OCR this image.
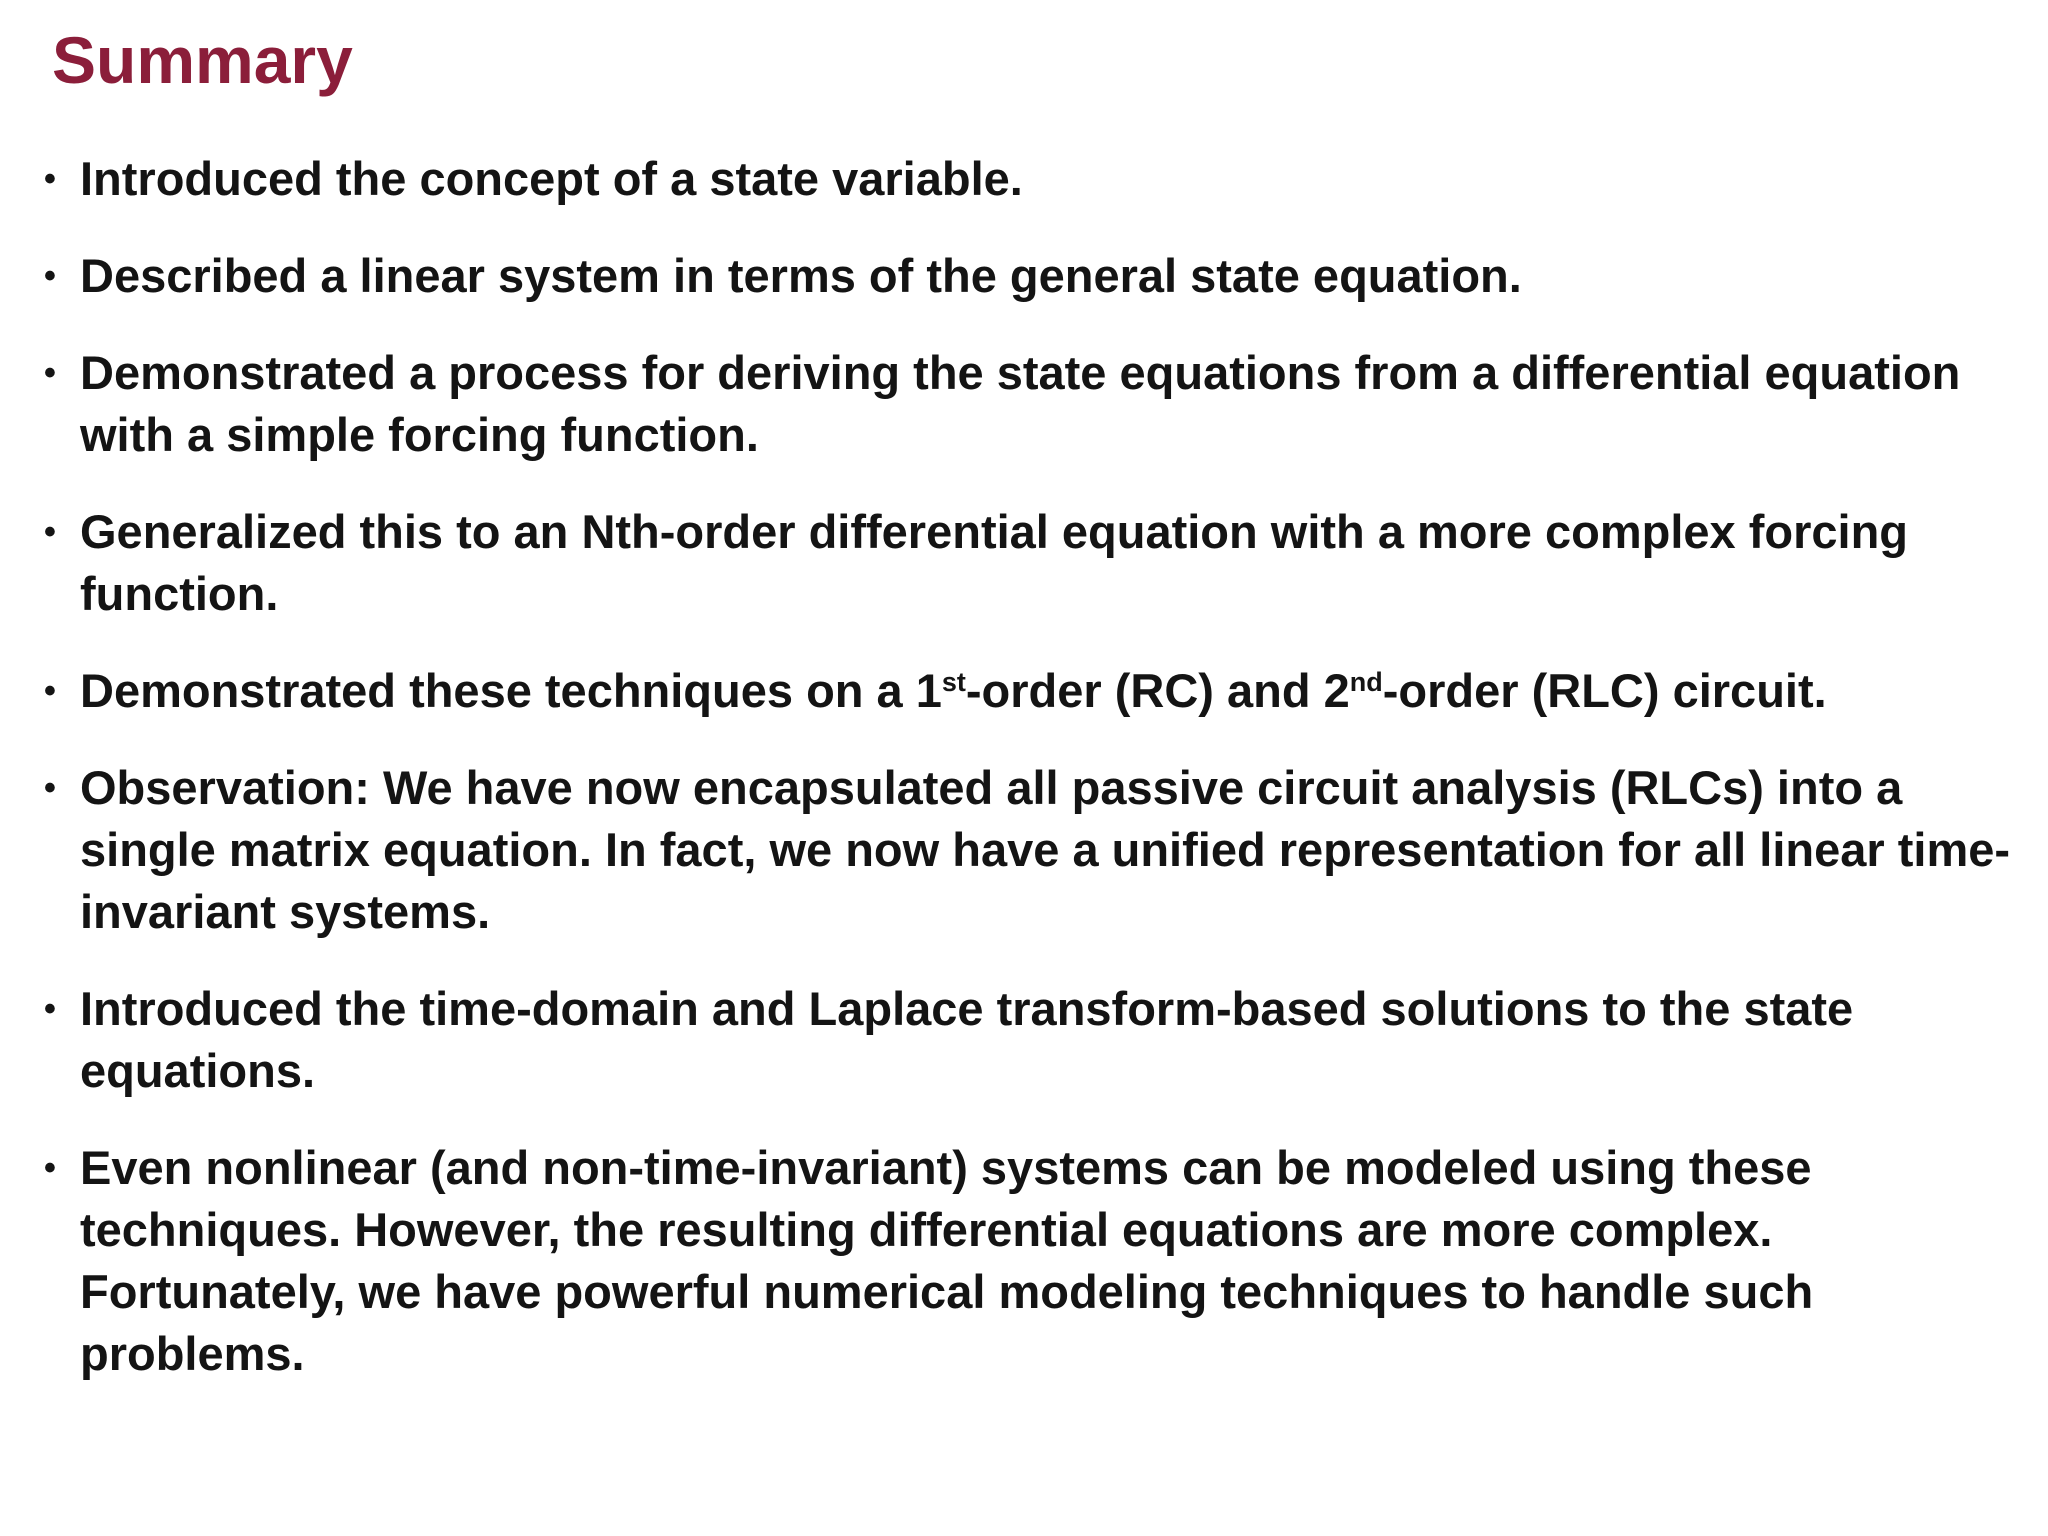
Summary
• Introduced the concept of a state variable.
• Described a linear system in terms of the general state equation.
• Demonstrated a process for deriving the state equations from a differential equation with a simple forcing function.
• Generalized this to an Nth-order differential equation with a more complex forcing function.
• Demonstrated these techniques on a 1st-order (RC) and 2nd-order (RLC) circuit.
• Observation: We have now encapsulated all passive circuit analysis (RLCs) into a single matrix equation. In fact, we now have a unified representation for all linear time-invariant systems.
• Introduced the time-domain and Laplace transform-based solutions to the state equations.
• Even nonlinear (and non-time-invariant) systems can be modeled using these techniques. However, the resulting differential equations are more complex. Fortunately, we have powerful numerical modeling techniques to handle such problems.
